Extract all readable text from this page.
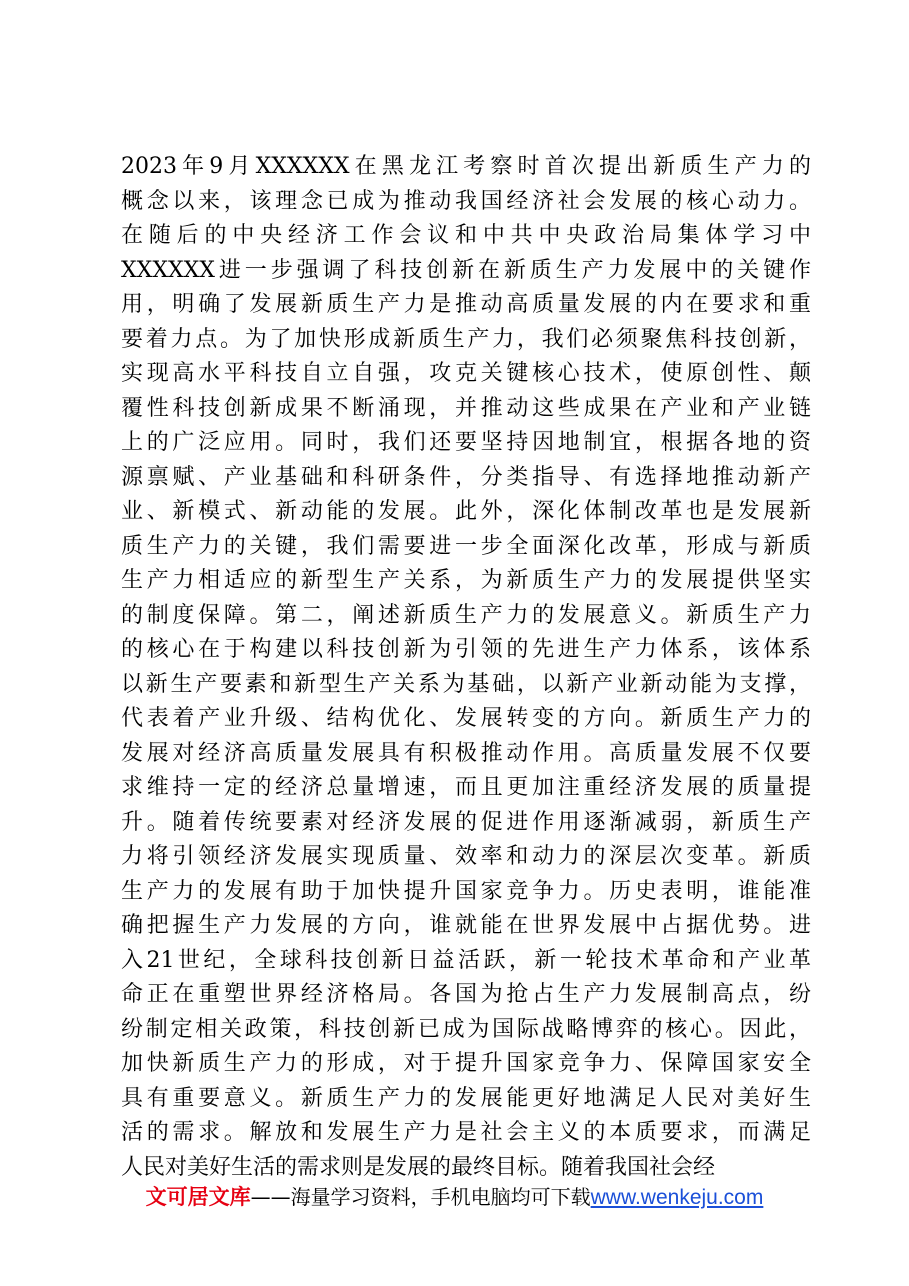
2023年9月XXXXXX在黑龙江考察时首次提出新质生产力的
概念以来，该理念已成为推动我国经济社会发展的核心动力。
在随后的中央经济工作会议和中共中央政治局集体学习中
XXXXXX进一步强调了科技创新在新质生产力发展中的关键作
用，明确了发展新质生产力是推动高质量发展的内在要求和重
要着力点。为了加快形成新质生产力，我们必须聚焦科技创新，
实现高水平科技自立自强，攻克关键核心技术，使原创性、颠
覆性科技创新成果不断涌现，并推动这些成果在产业和产业链
上的广泛应用。同时，我们还要坚持因地制宜，根据各地的资
源禀赋、产业基础和科研条件，分类指导、有选择地推动新产
业、新模式、新动能的发展。此外，深化体制改革也是发展新
质生产力的关键，我们需要进一步全面深化改革，形成与新质
生产力相适应的新型生产关系，为新质生产力的发展提供坚实
的制度保障。第二，阐述新质生产力的发展意义。新质生产力
的核心在于构建以科技创新为引领的先进生产力体系，该体系
以新生产要素和新型生产关系为基础，以新产业新动能为支撑，
代表着产业升级、结构优化、发展转变的方向。新质生产力的
发展对经济高质量发展具有积极推动作用。高质量发展不仅要
求维持一定的经济总量增速，而且更加注重经济发展的质量提
升。随着传统要素对经济发展的促进作用逐渐减弱，新质生产
力将引领经济发展实现质量、效率和动力的深层次变革。新质
生产力的发展有助于加快提升国家竞争力。历史表明，谁能准
确把握生产力发展的方向，谁就能在世界发展中占据优势。进
入21世纪，全球科技创新日益活跃，新一轮技术革命和产业革
命正在重塑世界经济格局。各国为抢占生产力发展制高点，纷
纷制定相关政策，科技创新已成为国际战略博弈的核心。因此，
加快新质生产力的形成，对于提升国家竞争力、保障国家安全
具有重要意义。新质生产力的发展能更好地满足人民对美好生
活的需求。解放和发展生产力是社会主义的本质要求，而满足
人民对美好生活的需求则是发展的最终目标。随着我国社会经
文可居文库——海量学习资料，手机电脑均可下载www.wenkeju.com
